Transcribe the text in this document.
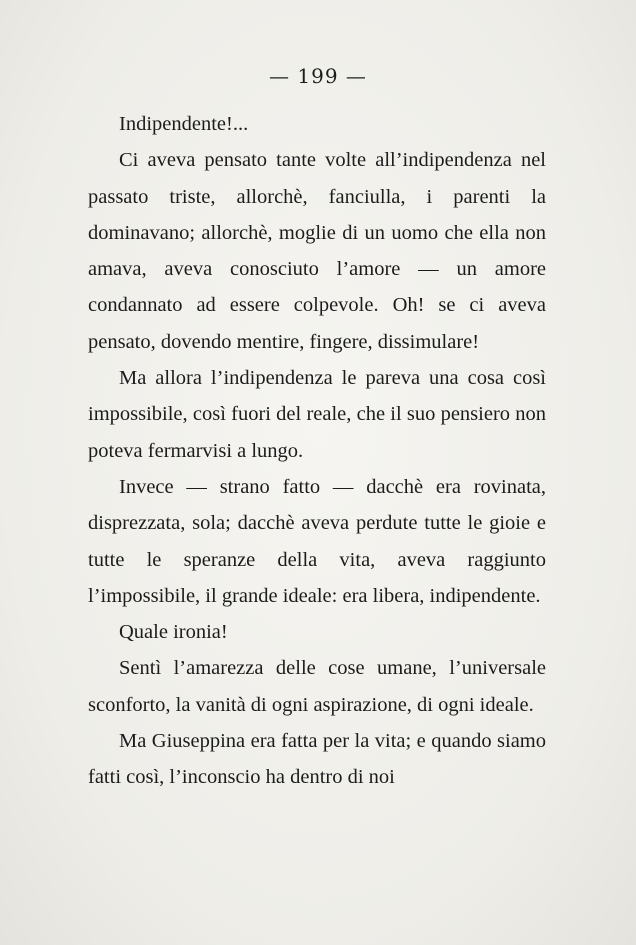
— 199 —

Indipendente!...

Ci aveva pensato tante volte all’indipendenza nel passato triste, allorchè, fanciulla, i parenti la dominavano; allorchè, moglie di un uomo che ella non amava, aveva conosciuto l’amore — un amore condannato ad essere colpevole. Oh! se ci aveva pensato, dovendo mentire, fingere, dissimulare!

Ma allora l’indipendenza le pareva una cosa così impossibile, così fuori del reale, che il suo pensiero non poteva fermarvisi a lungo.

Invece — strano fatto — dacchè era rovinata, disprezzata, sola; dacchè aveva perdute tutte le gioie e tutte le speranze della vita, aveva raggiunto l’impossibile, il grande ideale: era libera, indipendente.

Quale ironia!

Sentì l’amarezza delle cose umane, l’universale sconforto, la vanità di ogni aspirazione, di ogni ideale.

Ma Giuseppina era fatta per la vita; e quando siamo fatti così, l’inconscio ha dentro di noi
